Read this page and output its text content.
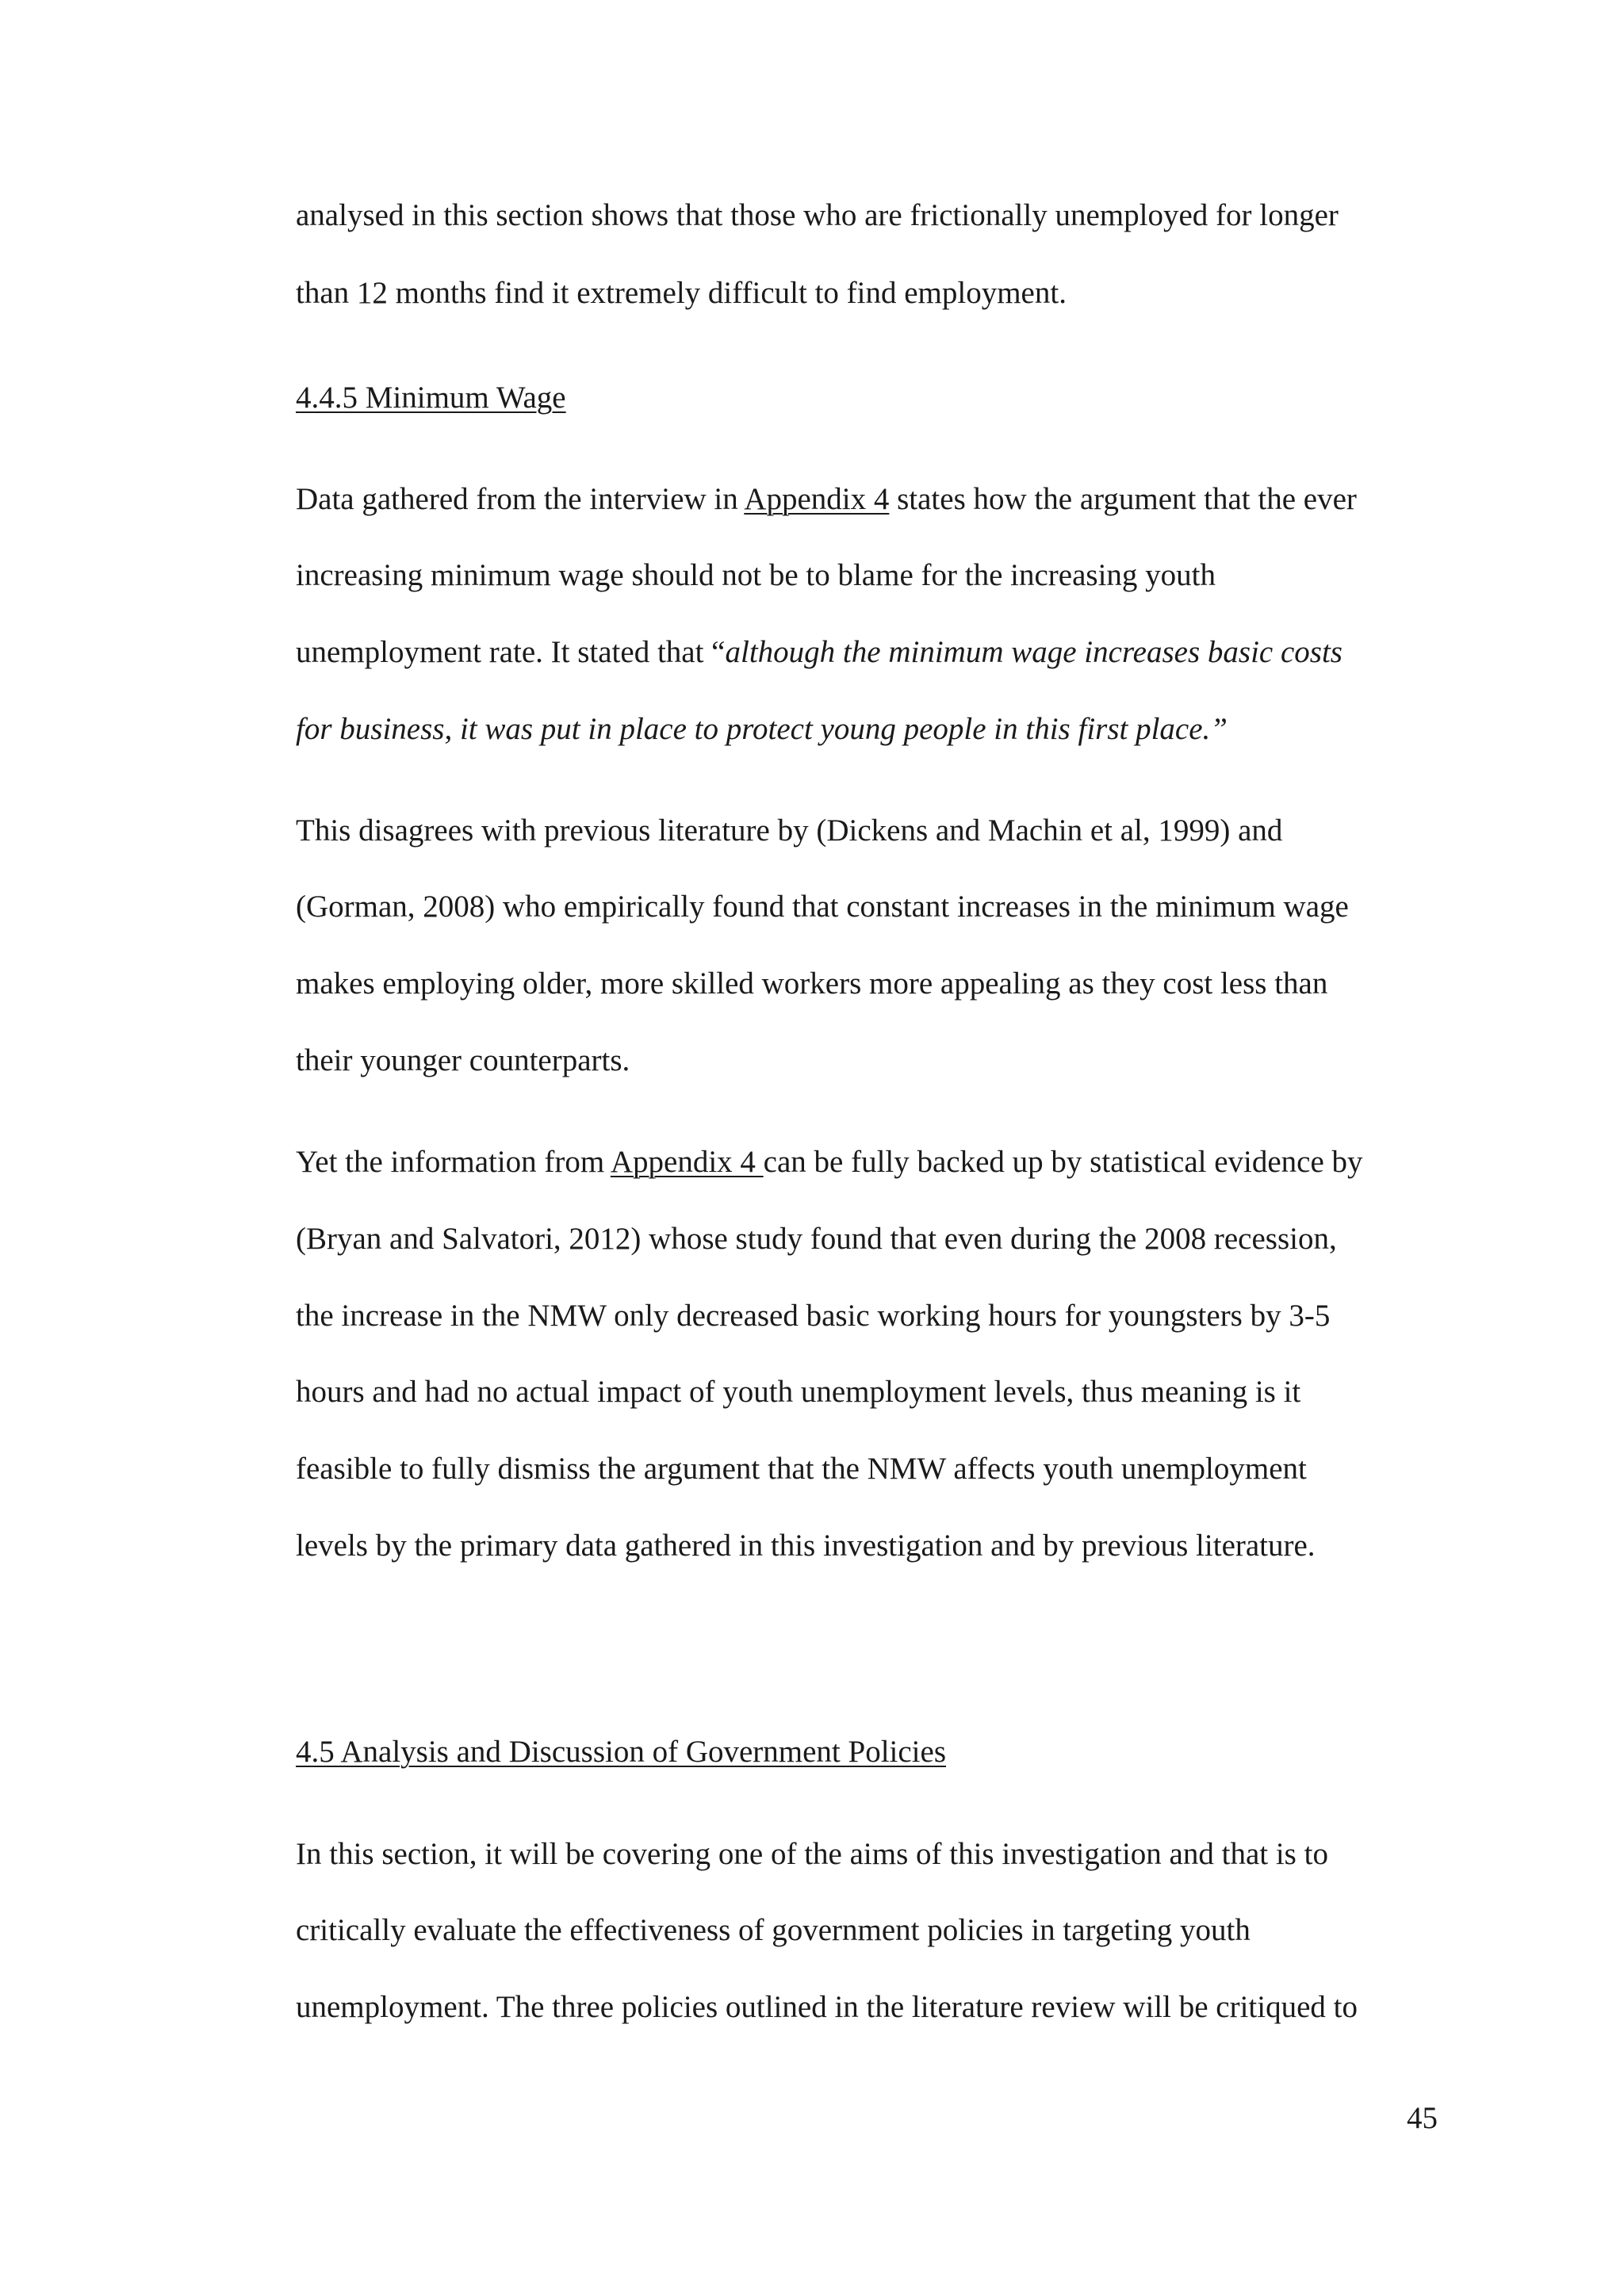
analysed in this section shows that those who are frictionally unemployed for longer
than 12 months find it extremely difficult to find employment.
4.4.5 Minimum Wage
Data gathered from the interview in Appendix 4 states how the argument that the ever
increasing minimum wage should not be to blame for the increasing youth
unemployment rate. It stated that “although the minimum wage increases basic costs
for business, it was put in place to protect young people in this first place.”
This disagrees with previous literature by (Dickens and Machin et al, 1999) and
(Gorman, 2008) who empirically found that constant increases in the minimum wage
makes employing older, more skilled workers more appealing as they cost less than
their younger counterparts.
Yet the information from Appendix 4 can be fully backed up by statistical evidence by
(Bryan and Salvatori, 2012) whose study found that even during the 2008 recession,
the increase in the NMW only decreased basic working hours for youngsters by 3-5
hours and had no actual impact of youth unemployment levels, thus meaning is it
feasible to fully dismiss the argument that the NMW affects youth unemployment
levels by the primary data gathered in this investigation and by previous literature.
4.5 Analysis and Discussion of Government Policies
In this section, it will be covering one of the aims of this investigation and that is to
critically evaluate the effectiveness of government policies in targeting youth
unemployment. The three policies outlined in the literature review will be critiqued to
45
